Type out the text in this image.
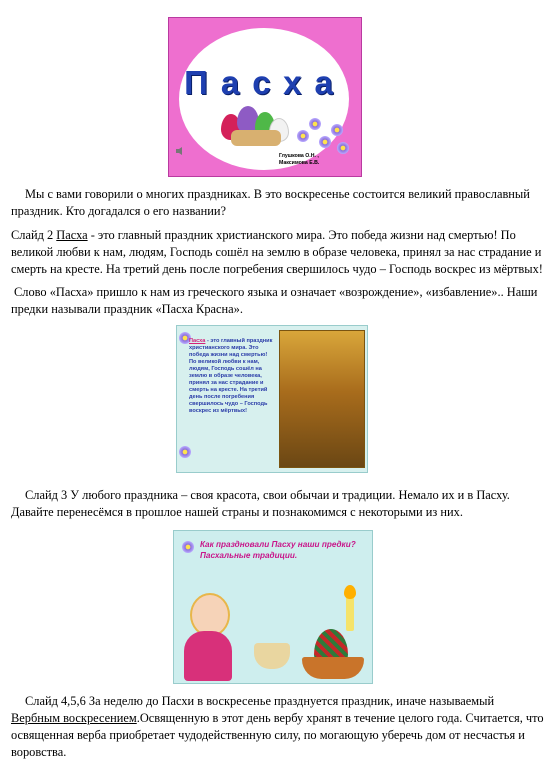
Пасха
Глушкова О.Н. ,
Максимова Е.В.

Мы с вами говорили о многих праздниках. В это воскресенье состоится великий православный праздник. Кто догадался о его названии?

Слайд 2 Пасха - это главный праздник христианского мира. Это победа жизни над смертью! По великой любви к нам, людям, Господь сошёл на землю в образе человека, принял за нас страдание и смерть на кресте. На третий день после погребения свершилось чудо – Господь воскрес из мёртвых!

Слово «Пасха» пришло к нам из греческого языка и означает «возрождение», «избавление».. Наши предки называли праздник «Пасха Красна».

Пасха - это главный праздник христианского мира. Это победа жизни над смертью! По великой любви к нам, людям, Господь сошёл на землю в образе человека, принял за нас страдание и смерть на кресте. На третий день после погребения свершилось чудо – Господь воскрес из мёртвых!

Слайд 3 У любого праздника – своя красота, свои обычаи и традиции. Немало их и в Пасху. Давайте перенесёмся в прошлое нашей страны и познакомимся с некоторыми из них.

Как праздновали Пасху наши предки? Пасхальные традиции.

Слайд 4,5,6 За неделю до Пасхи в воскресенье празднуется праздник, иначе называемый Вербным воскресением.Освященную в этот день вербу хранят в течение целого года. Считается, что освященная верба приобретает чудодейственную силу, по могающую уберечь дом от несчастья и воровства.
